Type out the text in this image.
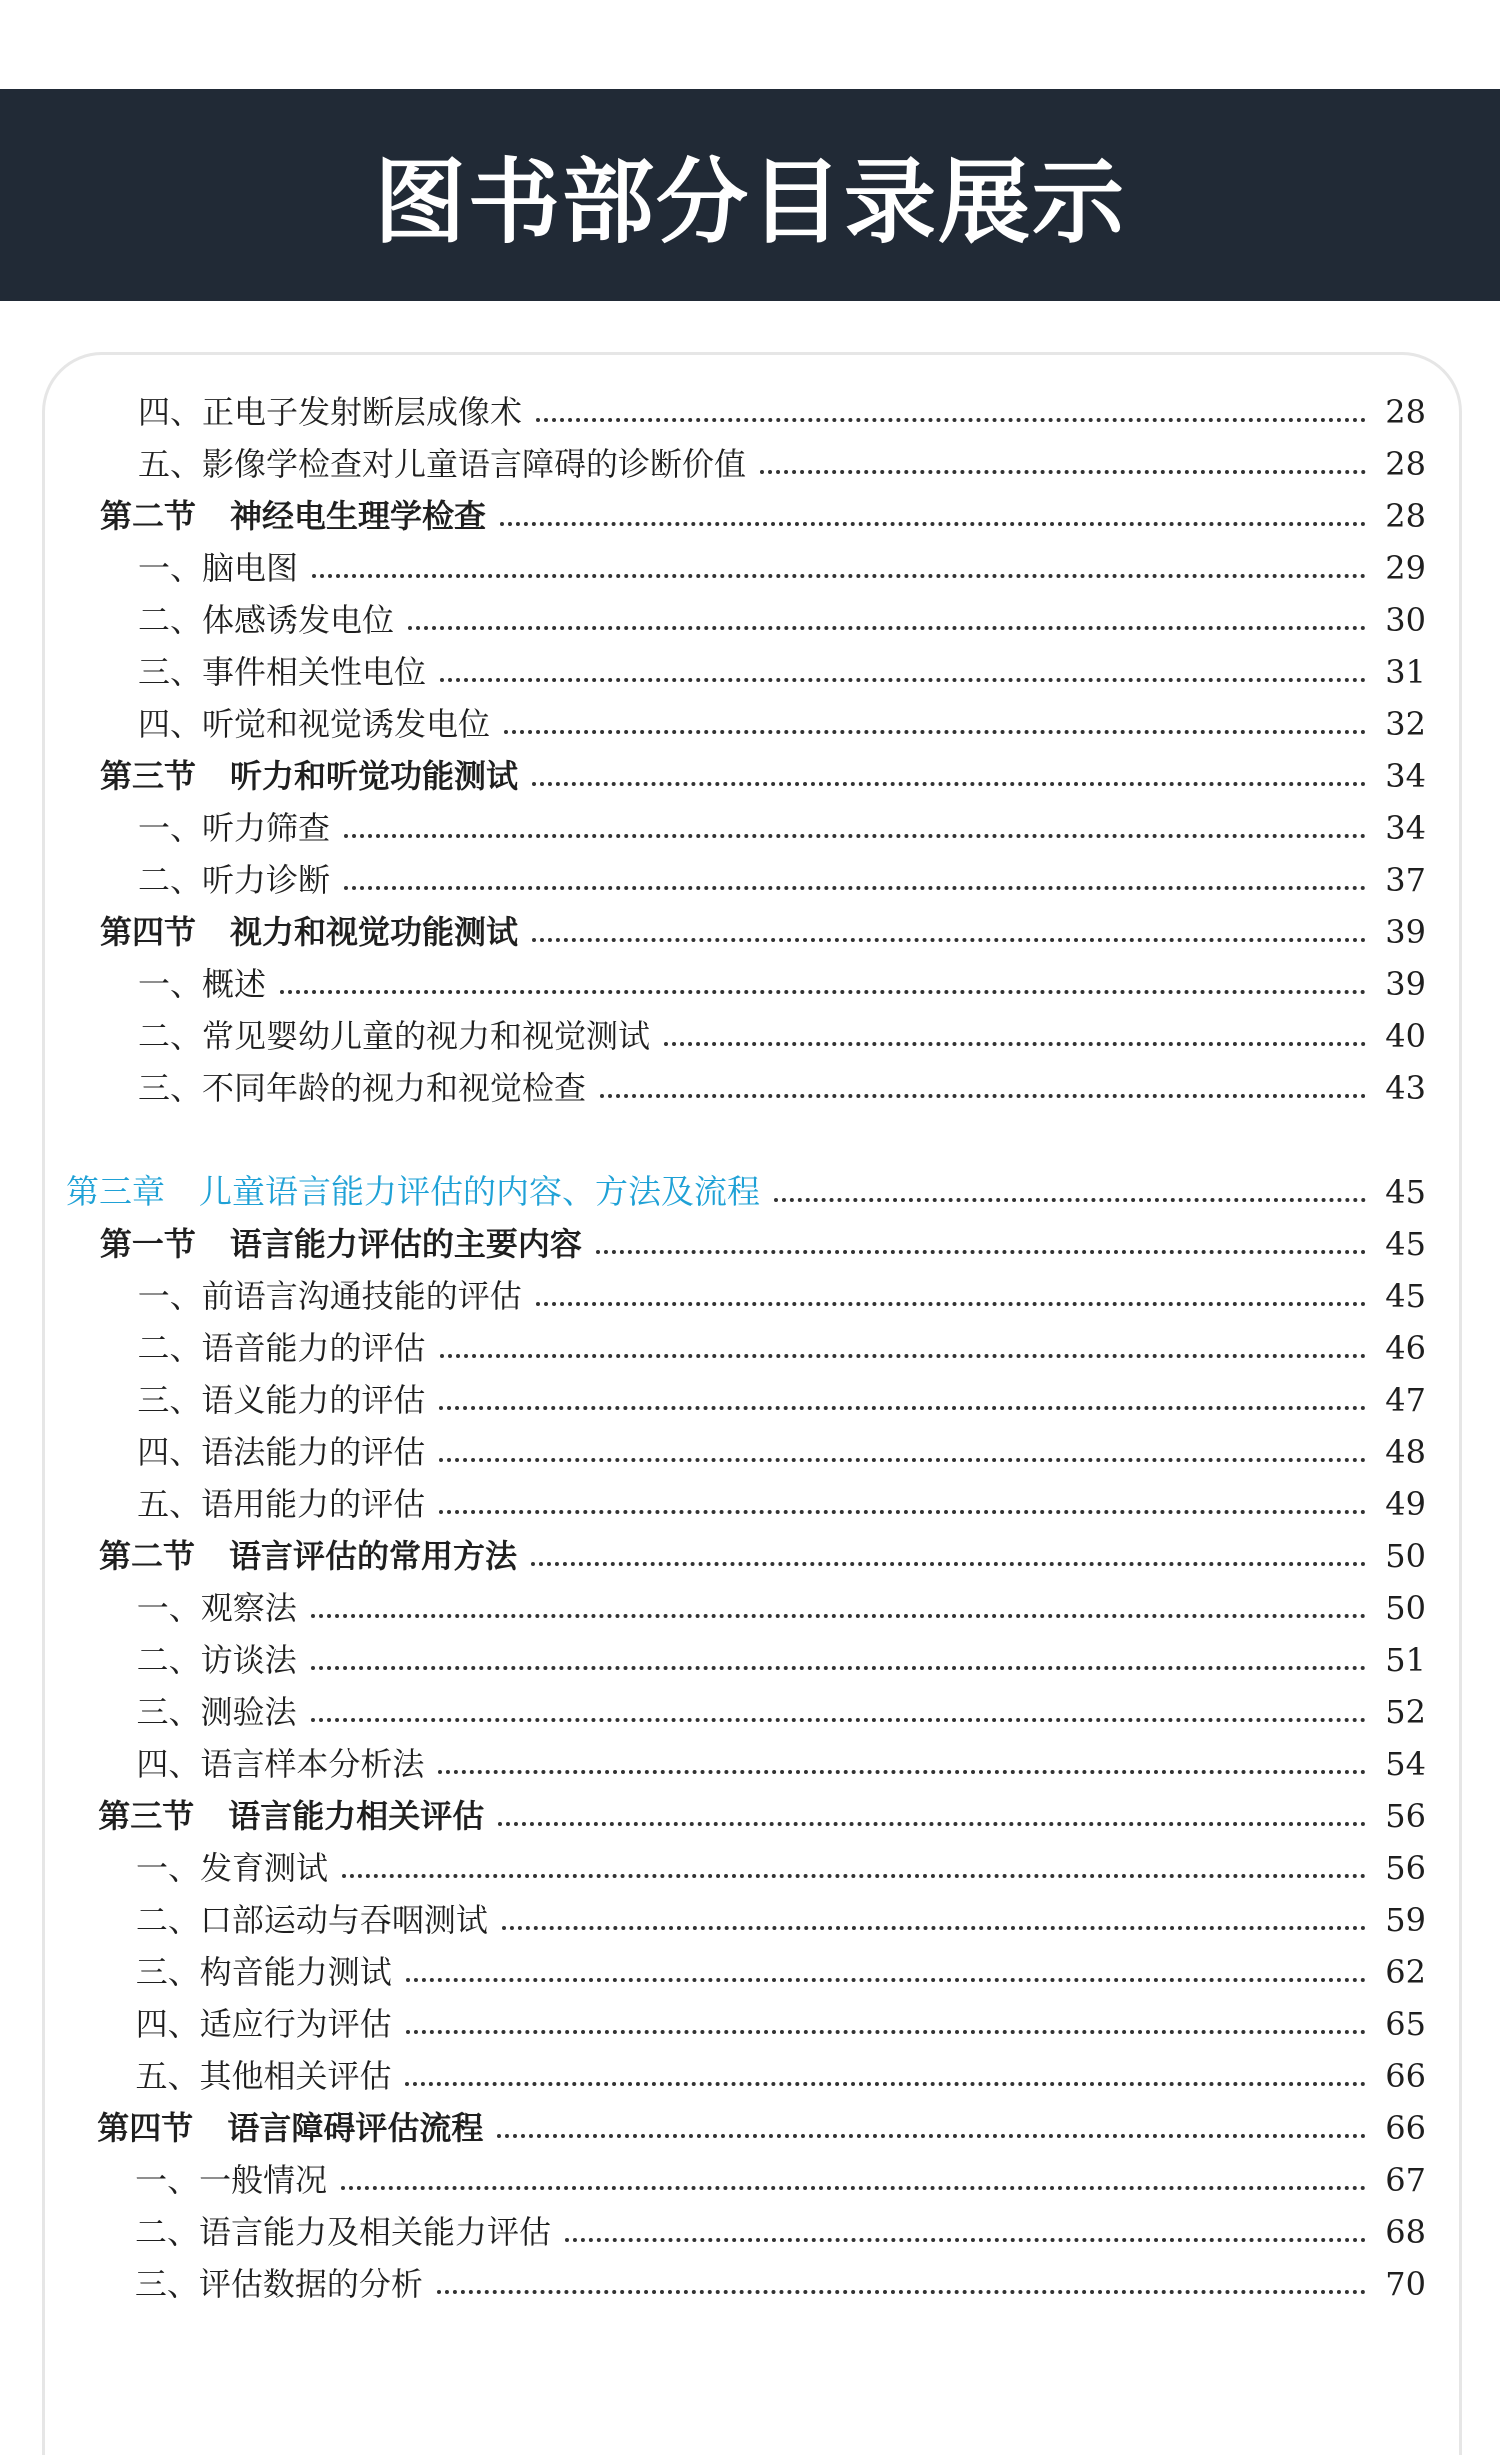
图书部分目录展示
四、正电子发射断层成像术	28
五、影像学检查对儿童语言障碍的诊断价值	28
第二节 神经电生理学检查	28
一、脑电图	29
二、体感诱发电位	30
三、事件相关性电位	31
四、听觉和视觉诱发电位	32
第三节 听力和听觉功能测试	34
一、听力筛查	34
二、听力诊断	37
第四节 视力和视觉功能测试	39
一、概述	39
二、常见婴幼儿童的视力和视觉测试	40
三、不同年龄的视力和视觉检查	43
第三章 儿童语言能力评估的内容、方法及流程	45
第一节 语言能力评估的主要内容	45
一、前语言沟通技能的评估	45
二、语音能力的评估	46
三、语义能力的评估	47
四、语法能力的评估	48
五、语用能力的评估	49
第二节 语言评估的常用方法	50
一、观察法	50
二、访谈法	51
三、测验法	52
四、语言样本分析法	54
第三节 语言能力相关评估	56
一、发育测试	56
二、口部运动与吞咽测试	59
三、构音能力测试	62
四、适应行为评估	65
五、其他相关评估	66
第四节 语言障碍评估流程	66
一、一般情况	67
二、语言能力及相关能力评估	68
三、评估数据的分析	70
